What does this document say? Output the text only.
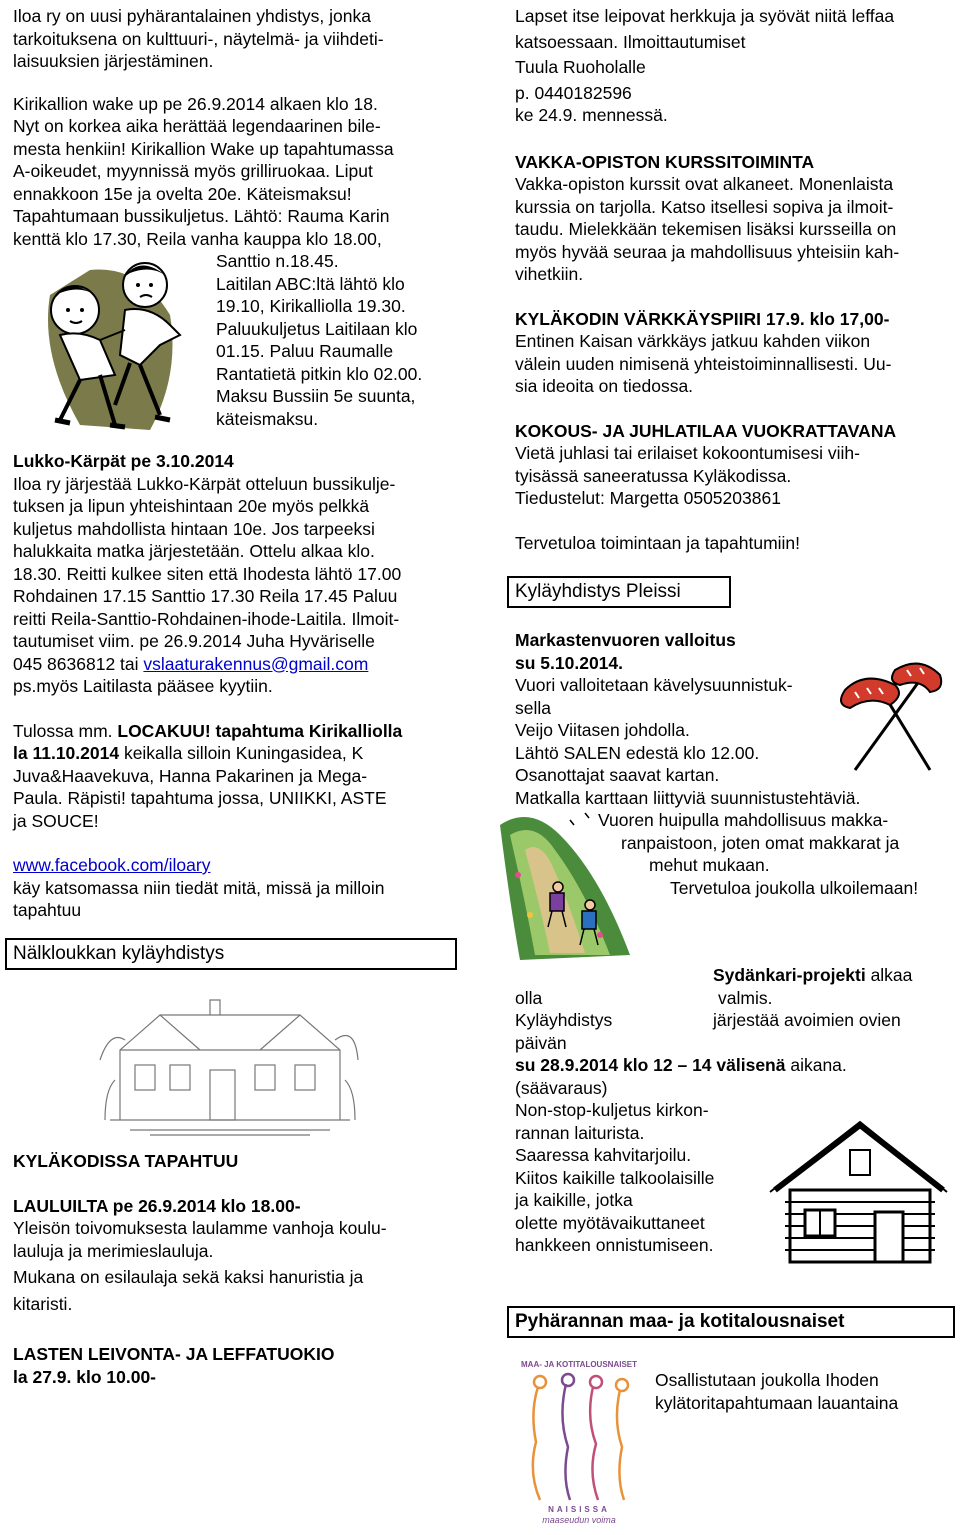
Iloa ry on uusi pyhärantalainen yhdistys, jonka
tarkoituksena on kulttuuri-, näytelmä- ja viihdeti-
laisuuksien järjestäminen.
Kirikallion wake up pe 26.9.2014 alkaen klo 18.
Nyt on korkea aika herättää legendaarinen bile-
mesta henkiin! Kirikallion Wake up tapahtumassa
A-oikeudet, myynnissä myös grilliruokaa. Liput
ennakkoon 15e ja ovelta 20e. Käteismaksu!
Tapahtumaan bussikuljetus. Lähtö: Rauma Karin
kenttä klo 17.30, Reila vanha kauppa klo 18.00,
Santtio n.18.45.
Laitilan ABC:ltä lähtö klo
19.10, Kirikalliolla 19.30.
Paluukuljetus Laitilaan klo
01.15. Paluu Raumalle
Rantatietä pitkin klo 02.00.
Maksu Bussiin 5e suunta,
käteismaksu.
Lukko-Kärpät pe 3.10.2014
Iloa ry järjestää Lukko-Kärpät otteluun bussikulje-
tuksen ja lipun yhteishintaan 20e myös pelkkä
kuljetus mahdollista hintaan 10e. Jos tarpeeksi
halukkaita matka järjestetään. Ottelu alkaa klo.
18.30. Reitti kulkee siten että Ihodesta lähtö 17.00
Rohdainen 17.15 Santtio 17.30 Reila 17.45 Paluu
reitti Reila-Santtio-Rohdainen-ihode-Laitila. Ilmoit-
tautumiset viim. pe 26.9.2014 Juha Hyväriselle
045 8636812 tai vslaaturakennus@gmail.com
ps.myös Laitilasta pääsee kyytiin.
Tulossa mm. LOCAKUU! tapahtuma Kirikalliolla
la 11.10.2014 keikalla silloin Kuningasidea, K
Juva&Haavekuva, Hanna Pakarinen ja Mega-
Paula. Räpisti! tapahtuma jossa, UNIIKKI, ASTE
ja SOUCE!
www.facebook.com/iloary
käy katsomassa niin tiedät mitä, missä ja milloin
tapahtuu
Nälkloukkan kyläyhdistys
KYLÄKODISSA TAPAHTUU
LAULUILTA pe 26.9.2014 klo 18.00-
Yleisön toivomuksesta laulamme vanhoja koulu-
lauluja ja merimieslauluja.
Mukana on esilaulaja sekä kaksi hanuristia ja
kitaristi.
LASTEN LEIVONTA- JA LEFFATUOKIO
la 27.9. klo 10.00-
Lapset itse leipovat herkkuja ja syövät niitä leffaa
katsoessaan. Ilmoittautumiset
Tuula Ruoholalle
p. 0440182596
ke 24.9. mennessä.
VAKKA-OPISTON KURSSITOIMINTA
Vakka-opiston kurssit ovat alkaneet. Monenlaista
kurssia on tarjolla. Katso itsellesi sopiva ja ilmoit-
taudu. Mielekkään tekemisen lisäksi kursseilla on
myös hyvää seuraa ja mahdollisuus yhteisiin kah-
vihetkiin.
KYLÄKODIN VÄRKKÄYSPIIRI 17.9. klo 17,00-
Entinen Kaisan värkkäys jatkuu kahden viikon
välein uuden nimisenä yhteistoiminnallisesti. Uu-
sia ideoita on tiedossa.
KOKOUS- JA JUHLATILAA VUOKRATTAVANA
Vietä juhlasi tai erilaiset kokoontumisesi viih-
tyisässä saneeratussa Kyläkodissa.
Tiedustelut: Margetta 0505203861
Tervetuloa toimintaan ja tapahtumiin!
Kyläyhdistys Pleissi
Markastenvuoren valloitus
su 5.10.2014.
Vuori valloitetaan kävelysuunnistuk-
sella
Veijo Viitasen johdolla.
Lähtö SALEN edestä klo 12.00.
Osanottajat saavat kartan.
Matkalla karttaan liittyviä suunnistustehtäviä.
Vuoren huipulla mahdollisuus makka-
ranpaistoon, joten omat makkarat ja
mehut mukaan.
Tervetuloa joukolla ulkoilemaan!
Sydänkari-projekti alkaa
olla	valmis.
Kyläyhdistys	järjestää avoimien ovien
päivän
su 28.9.2014 klo 12 – 14 välisenä aikana.
(säävaraus)
Non-stop-kuljetus kirkon-
rannan laiturista.
Saaressa kahvitarjoilu.
Kiitos kaikille talkoolaisille
ja kaikille, jotka
olette myötävaikuttaneet
hankkeen onnistumiseen.
Pyhärannan maa- ja kotitalousnaiset
MAA- JA KOTITALOUSNAISET
NAISISSA
maaseudun voima
Osallistutaan joukolla Ihoden
kylätoritapahtumaan lauantaina
